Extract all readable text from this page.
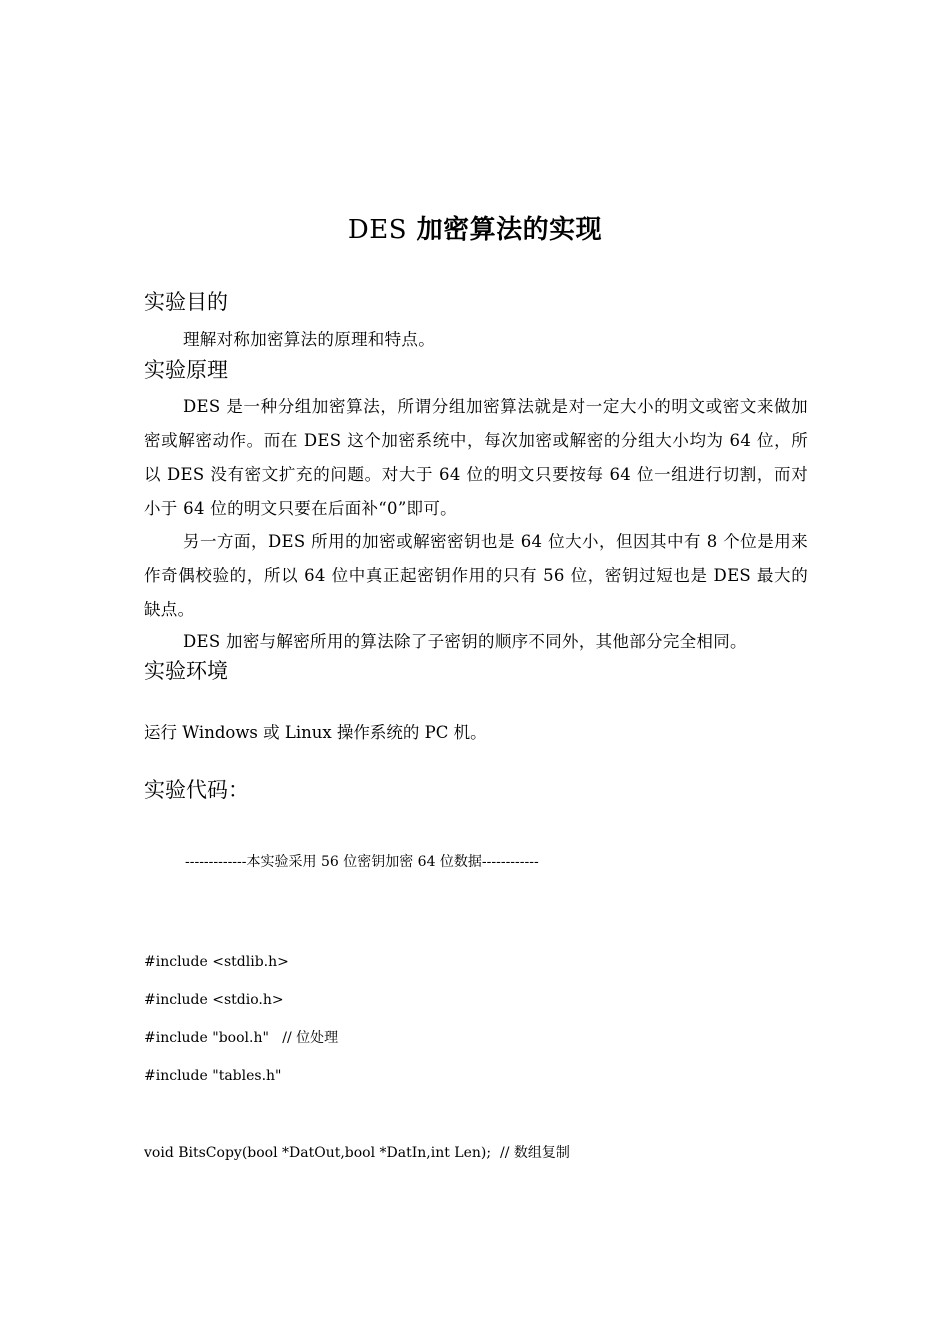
DES 加密算法的实现
实验目的
理解对称加密算法的原理和特点。
实验原理
DES 是一种分组加密算法，所谓分组加密算法就是对一定大小的明文或密文来做加密或解密动作。而在 DES 这个加密系统中，每次加密或解密的分组大小均为 64 位，所以 DES 没有密文扩充的问题。对大于 64 位的明文只要按每 64 位一组进行切割，而对小于 64 位的明文只要在后面补“0”即可。
另一方面，DES 所用的加密或解密密钥也是 64 位大小，但因其中有 8 个位是用来作奇偶校验的，所以 64 位中真正起密钥作用的只有 56 位，密钥过短也是 DES 最大的缺点。
DES 加密与解密所用的算法除了子密钥的顺序不同外，其他部分完全相同。
实验环境
运行 Windows 或 Linux 操作系统的 PC 机。
实验代码：
-------------本实验采用 56 位密钥加密 64 位数据------------
#include <stdlib.h>
#include <stdio.h>
#include "bool.h"   // 位处理
#include "tables.h"
void BitsCopy(bool *DatOut,bool *DatIn,int Len);  // 数组复制
